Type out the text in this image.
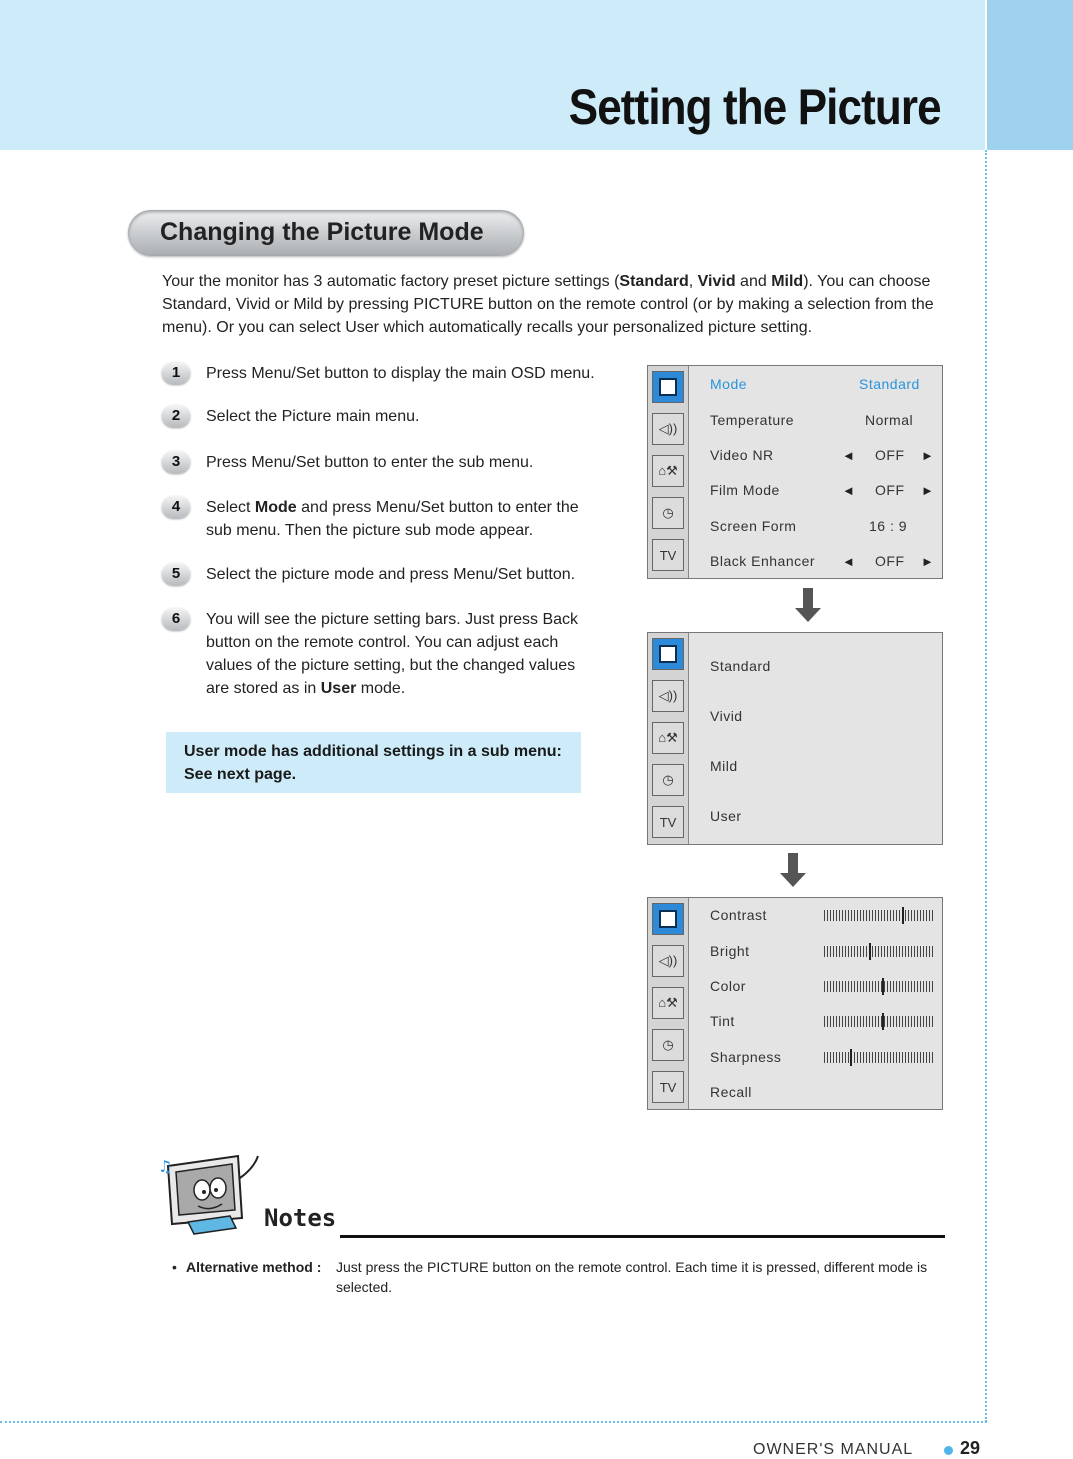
Setting the Picture
Changing the Picture Mode
Your the monitor has 3 automatic factory preset picture settings (Standard, Vivid and Mild). You can choose Standard, Vivid or Mild by pressing PICTURE button on the remote control (or by making a selection from the menu). Or you can select User which automatically recalls your personalized picture setting.
1	Press Menu/Set button to display the main OSD menu.
2	Select the Picture main menu.
3	Press Menu/Set button to enter the sub menu.
4	Select Mode and press Menu/Set button to enter the sub menu. Then the picture sub mode appear.
5	Select the picture mode and press Menu/Set button.
6	You will see the picture setting bars. Just press Back button on the remote control. You can adjust each values of the picture setting, but the changed values are stored as in User mode.
User mode has additional settings in a sub menu:
See next page.
◁))
⌂⚒
◷
TV
Mode	Standard
Temperature	Normal
Video NR	◄ OFF ►
Film Mode	◄ OFF ►
Screen Form	16 : 9
Black Enhancer ◄ OFF ►
◁))
⌂⚒
◷
TV
Standard
Vivid
Mild
User
◁))
⌂⚒
◷
TV
Contrast
Bright
Color
Tint
Sharpness
Recall
♫
Notes
• Alternative method : Just press the PICTURE button on the remote control. Each time it is pressed, different mode is selected.
OWNER'S MANUAL	29
